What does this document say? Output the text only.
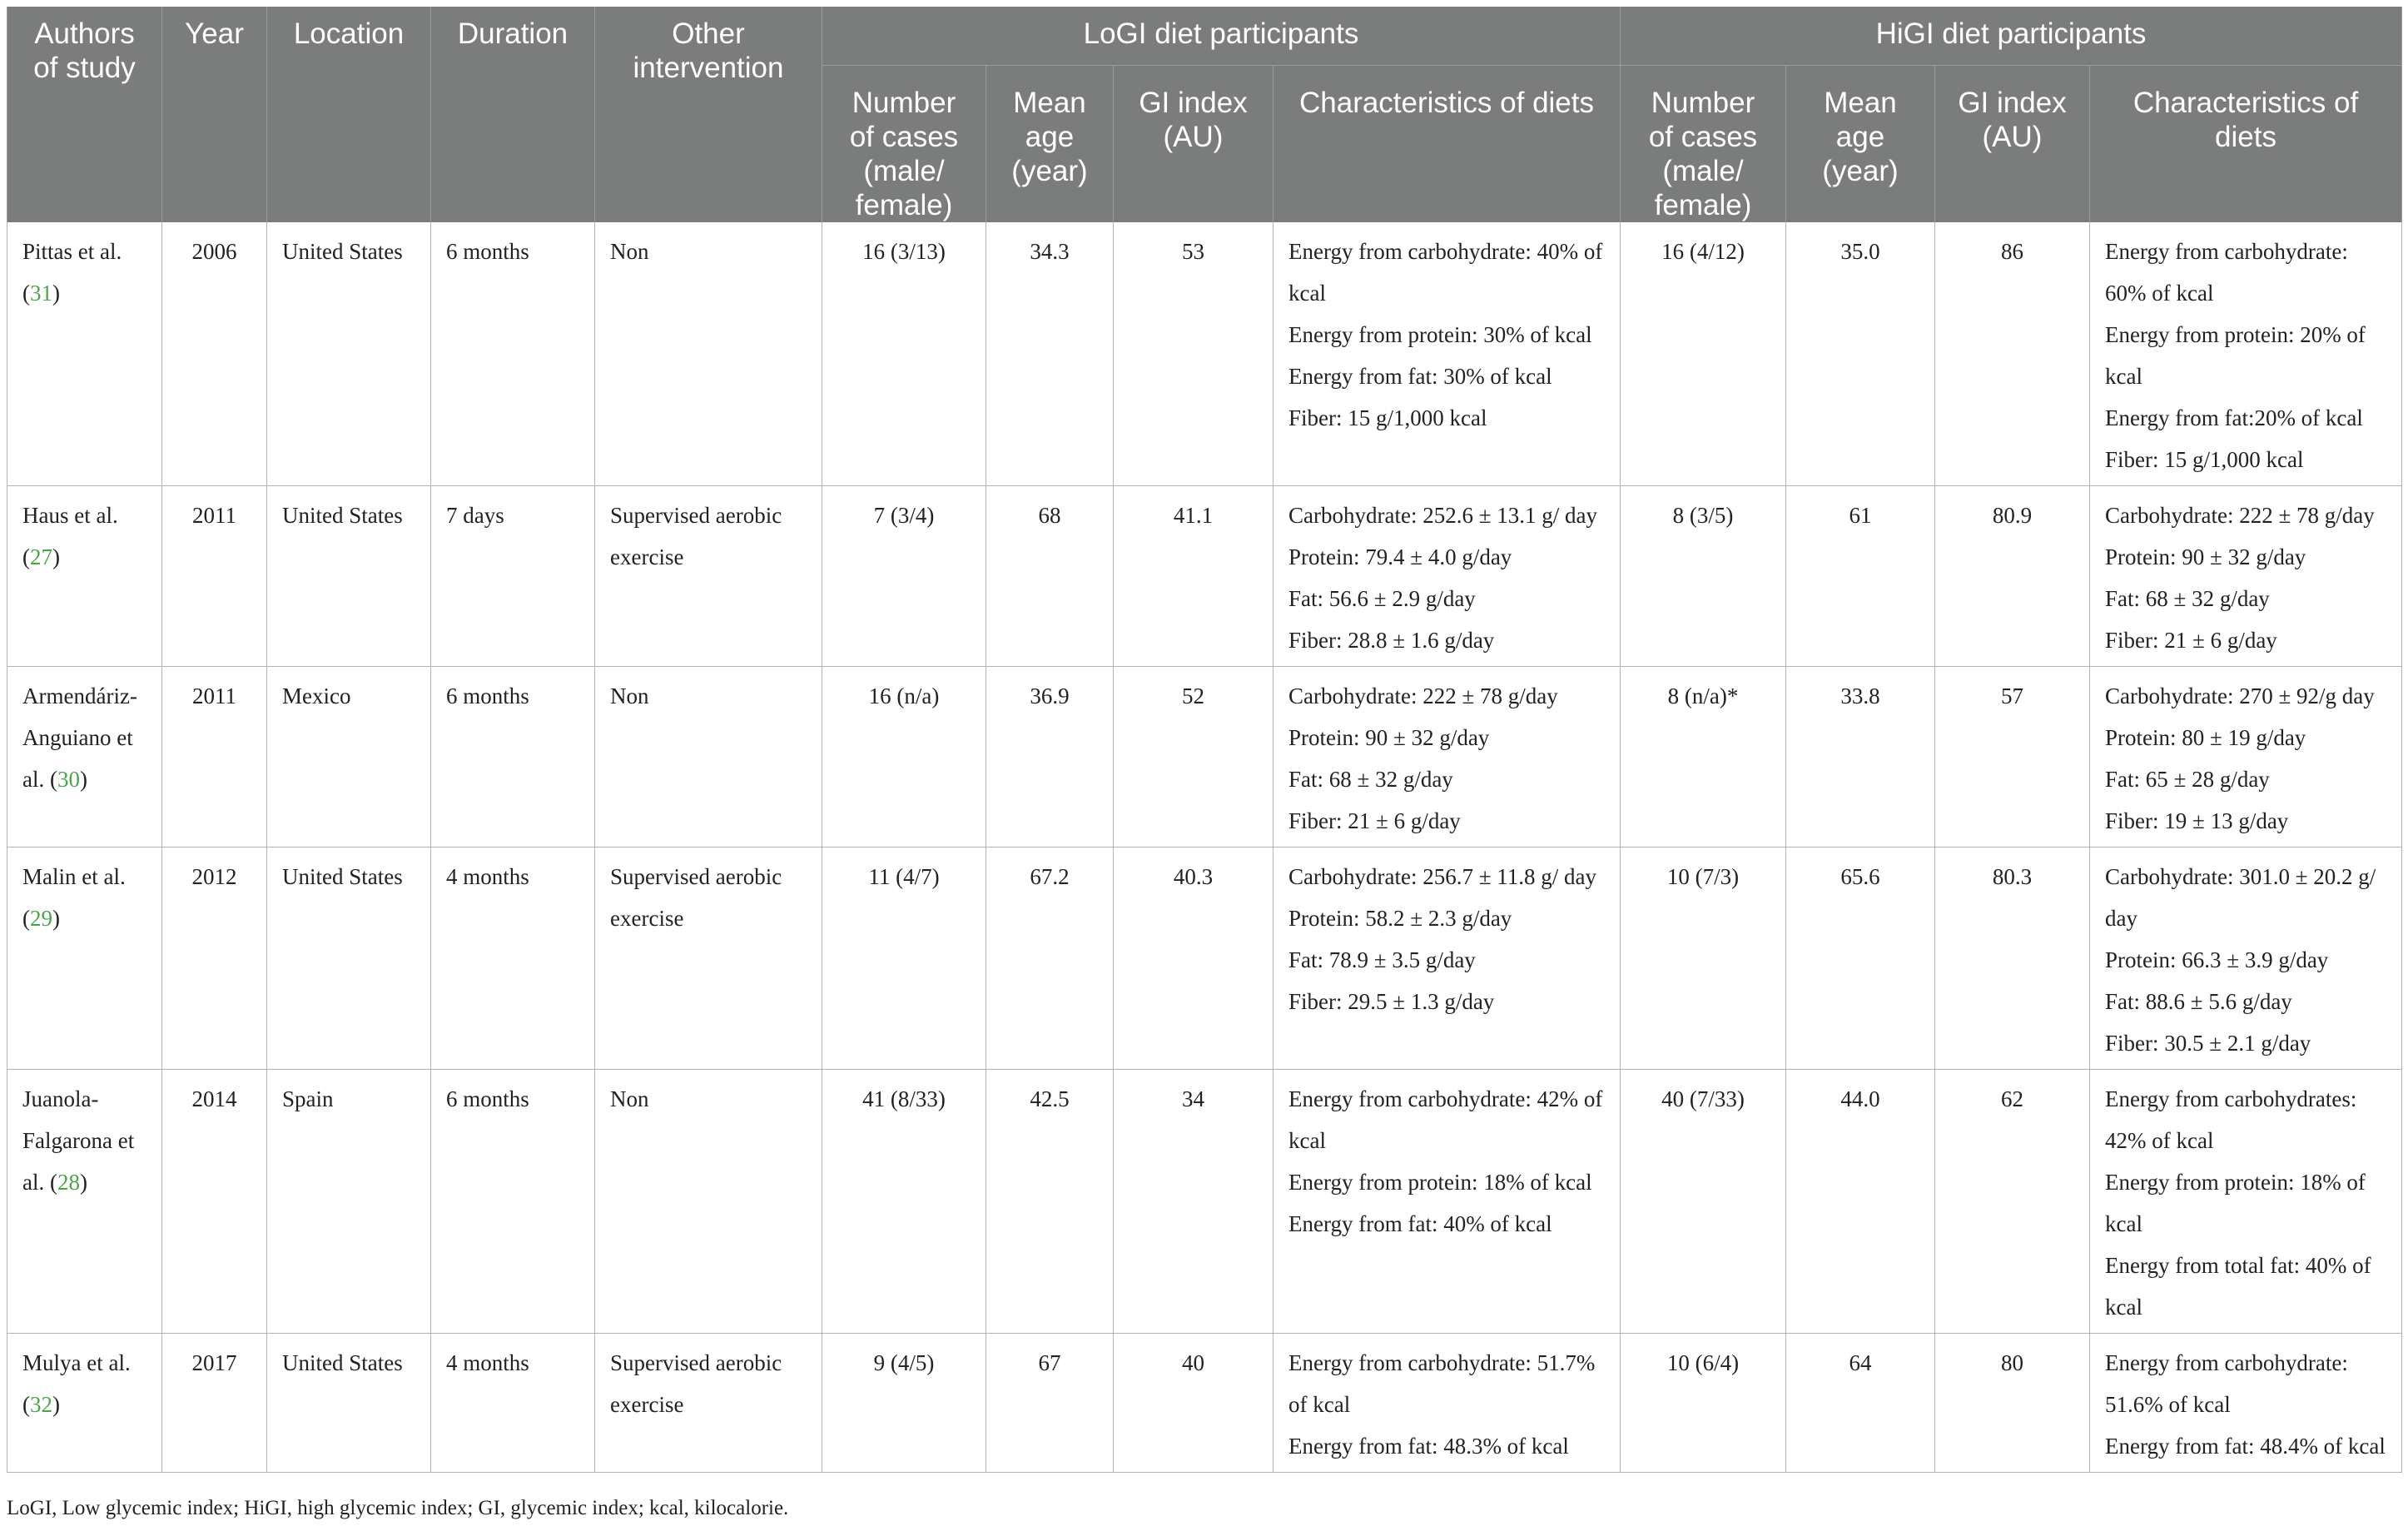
Authors of study	Year	Location	Duration	Other intervention	LoGI diet participants				HiGI diet participants			
					Number of cases (male/ female)	Mean age (year)	GI index (AU)	Characteristics of diets	Number of cases (male/ female)	Mean age (year)	GI index (AU)	Characteristics of diets
Pittas et al. (31)	2006	United States	6 months	Non	16 (3/13)	34.3	53	Energy from carbohydrate: 40% of kcal
Energy from protein: 30% of kcal
Energy from fat: 30% of kcal
Fiber: 15 g/1,000 kcal	16 (4/12)	35.0	86	Energy from carbohydrate: 60% of kcal
Energy from protein: 20% of kcal
Energy from fat:20% of kcal
Fiber: 15 g/1,000 kcal

Haus et al. (27)	2011	United States	7 days	Supervised aerobic exercise	7 (3/4)	68	41.1	Carbohydrate: 252.6 ± 13.1 g/ day
Protein: 79.4 ± 4.0 g/day
Fat: 56.6 ± 2.9 g/day
Fiber: 28.8 ± 1.6 g/day	8 (3/5)	61	80.9	Carbohydrate: 222 ± 78 g/day
Protein: 90 ± 32 g/day
Fat: 68 ± 32 g/day
Fiber: 21 ± 6 g/day

Armendáriz- Anguiano et al. (30)	2011	Mexico	6 months	Non	16 (n/a)	36.9	52	Carbohydrate: 222 ± 78 g/day
Protein: 90 ± 32 g/day
Fat: 68 ± 32 g/day
Fiber: 21 ± 6 g/day	8 (n/a)*	33.8	57	Carbohydrate: 270 ± 92/g day
Protein: 80 ± 19 g/day
Fat: 65 ± 28 g/day
Fiber: 19 ± 13 g/day

Malin et al. (29)	2012	United States	4 months	Supervised aerobic exercise	11 (4/7)	67.2	40.3	Carbohydrate: 256.7 ± 11.8 g/ day
Protein: 58.2 ± 2.3 g/day
Fat: 78.9 ± 3.5 g/day
Fiber: 29.5 ± 1.3 g/day	10 (7/3)	65.6	80.3	Carbohydrate: 301.0 ± 20.2 g/ day
Protein: 66.3 ± 3.9 g/day
Fat: 88.6 ± 5.6 g/day
Fiber: 30.5 ± 2.1 g/day

Juanola- Falgarona et al. (28)	2014	Spain	6 months	Non	41 (8/33)	42.5	34	Energy from carbohydrate: 42% of kcal
Energy from protein: 18% of kcal
Energy from fat: 40% of kcal	40 (7/33)	44.0	62	Energy from carbohydrates: 42% of kcal
Energy from protein: 18% of kcal
Energy from total fat: 40% of kcal

Mulya et al. (32)	2017	United States	4 months	Supervised aerobic exercise	9 (4/5)	67	40	Energy from carbohydrate: 51.7% of kcal
Energy from fat: 48.3% of kcal	10 (6/4)	64	80	Energy from carbohydrate: 51.6% of kcal
Energy from fat: 48.4% of kcal
LoGI, Low glycemic index; HiGI, high glycemic index; GI, glycemic index; kcal, kilocalorie.
